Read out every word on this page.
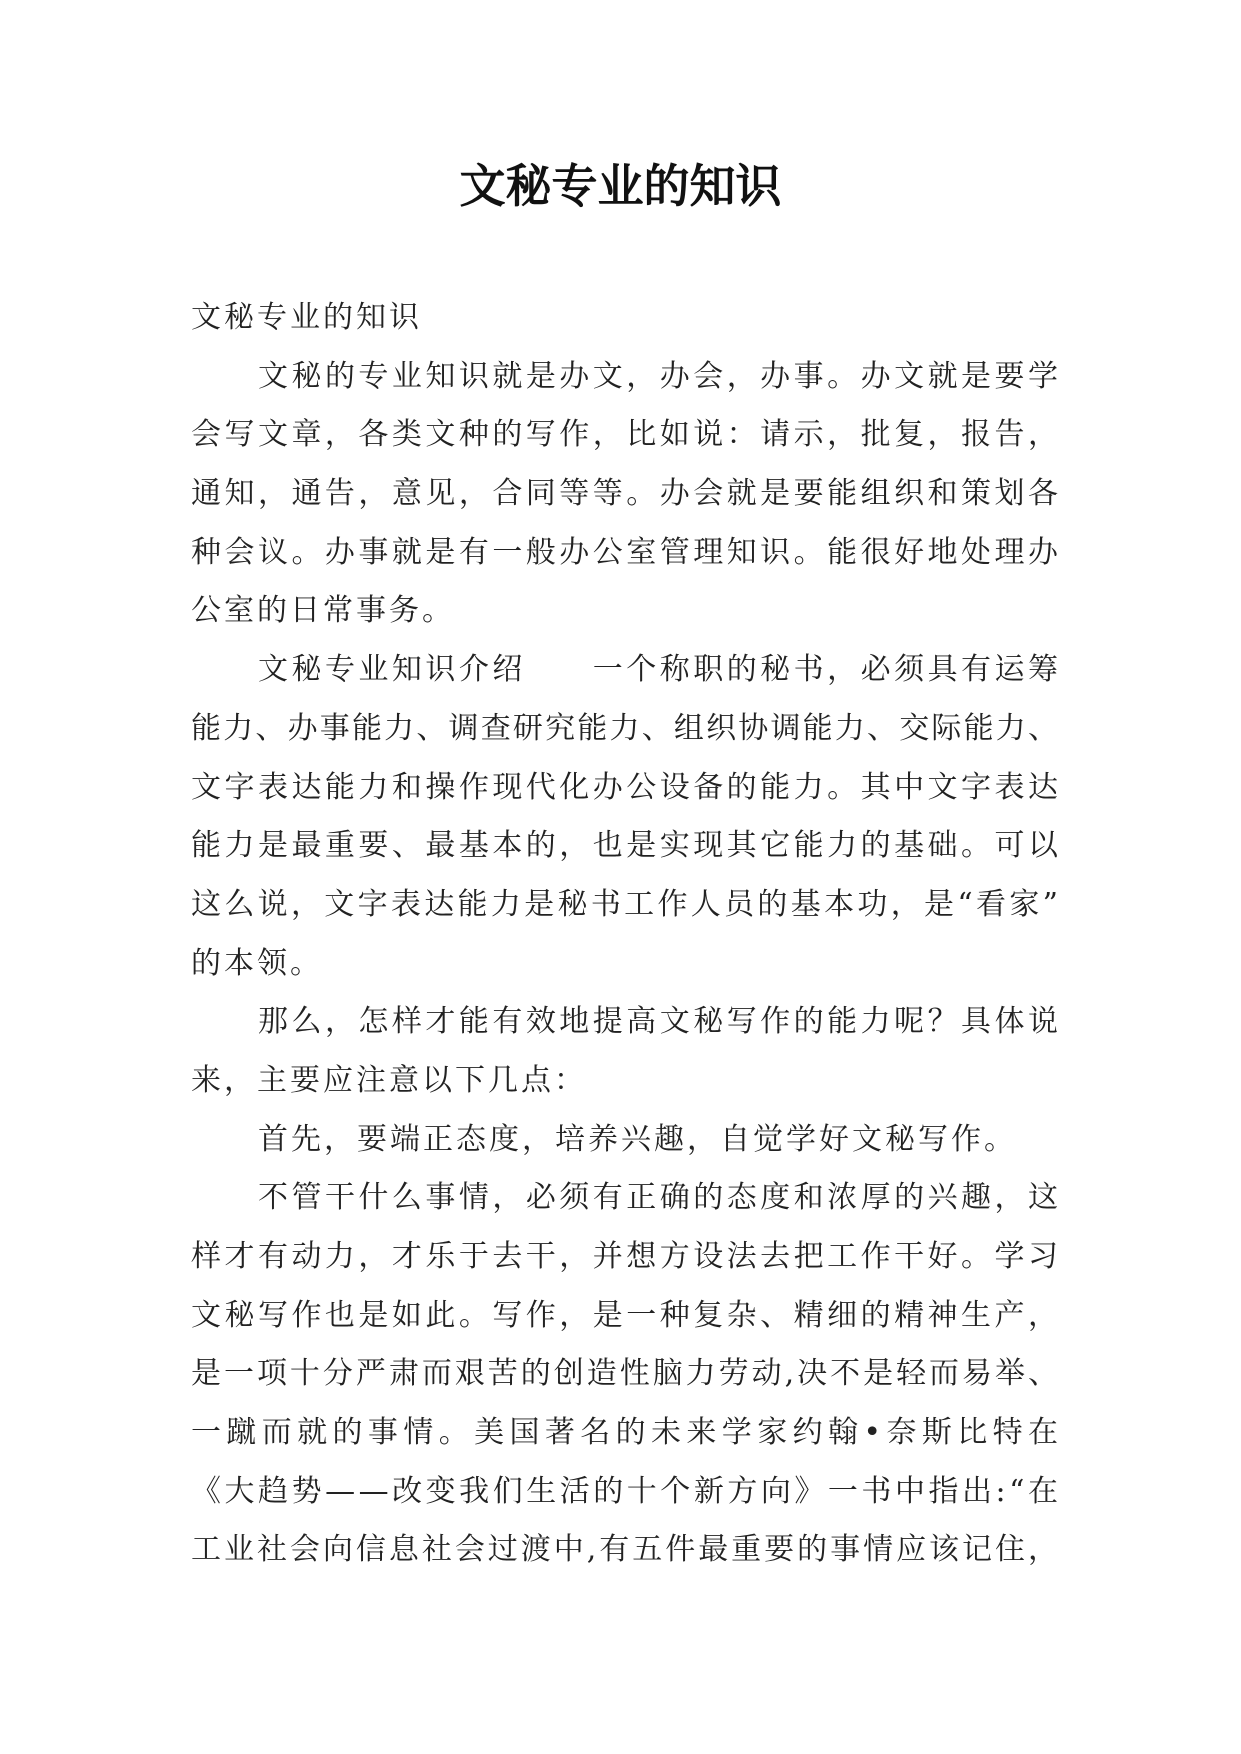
文秘专业的知识
文秘专业的知识
文秘的专业知识就是办文，办会，办事。办文就是要学
会写文章，各类文种的写作，比如说：请示，批复，报告，
通知，通告，意见，合同等等。办会就是要能组织和策划各
种会议。办事就是有一般办公室管理知识。能很好地处理办
公室的日常事务。
文秘专业知识介绍　　一个称职的秘书，必须具有运筹
能力、办事能力、调查研究能力、组织协调能力、交际能力、
文字表达能力和操作现代化办公设备的能力。其中文字表达
能力是最重要、最基本的，也是实现其它能力的基础。可以
这么说，文字表达能力是秘书工作人员的基本功，是“看家”
的本领。
那么，怎样才能有效地提高文秘写作的能力呢？具体说
来，主要应注意以下几点：
首先，要端正态度，培养兴趣，自觉学好文秘写作。
不管干什么事情，必须有正确的态度和浓厚的兴趣，这
样才有动力，才乐于去干，并想方设法去把工作干好。学习
文秘写作也是如此。写作，是一种复杂、精细的精神生产，
是一项十分严肃而艰苦的创造性脑力劳动,决不是轻而易举、
一蹴而就的事情。美国著名的未来学家约翰•奈斯比特在
《大趋势——改变我们生活的十个新方向》一书中指出:“在
工业社会向信息社会过渡中,有五件最重要的事情应该记住，
